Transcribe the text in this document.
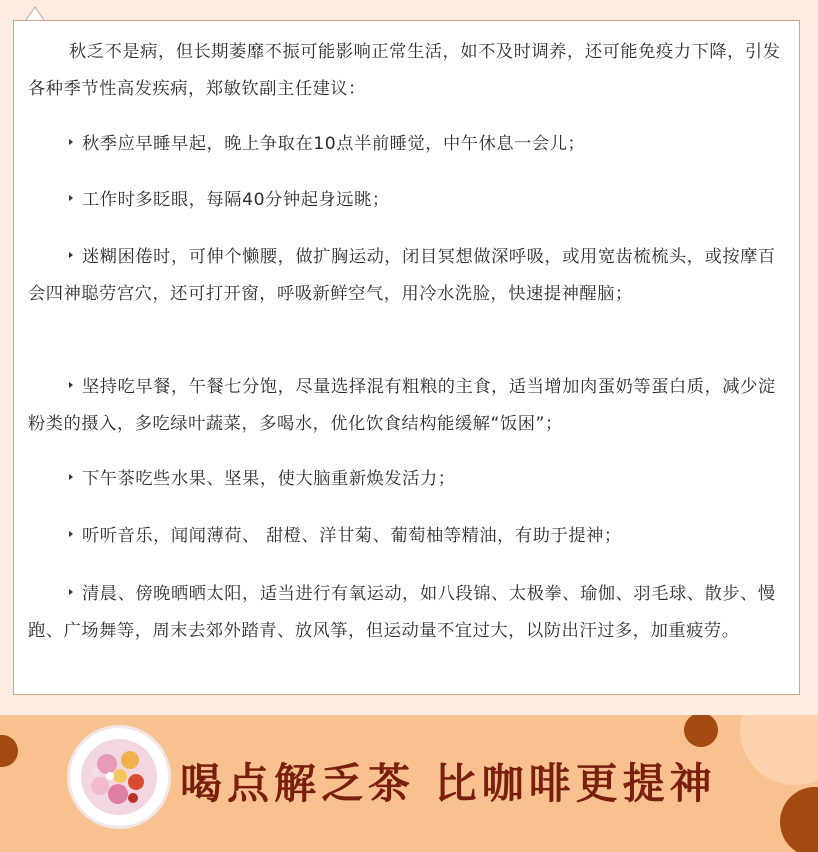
秋乏不是病，但长期萎靡不振可能影响正常生活，如不及时调养，还可能免疫力下降，引发各种季节性高发疾病，郑敏钦副主任建议：

秋季应早睡早起，晚上争取在10点半前睡觉，中午休息一会儿；

工作时多眨眼，每隔40分钟起身远眺；

迷糊困倦时，可伸个懒腰，做扩胸运动，闭目冥想做深呼吸，或用宽齿梳梳头，或按摩百会四神聪劳宫穴，还可打开窗，呼吸新鲜空气，用冷水洗脸，快速提神醒脑；

坚持吃早餐，午餐七分饱，尽量选择混有粗粮的主食，适当增加肉蛋奶等蛋白质，减少淀粉类的摄入，多吃绿叶蔬菜，多喝水，优化饮食结构能缓解“饭困”；

下午茶吃些水果、坚果，使大脑重新焕发活力；

听听音乐，闻闻薄荷、 甜橙、洋甘菊、葡萄柚等精油，有助于提神；

清晨、傍晚晒晒太阳，适当进行有氧运动，如八段锦、太极拳、瑜伽、羽毛球、散步、慢跑、广场舞等，周末去郊外踏青、放风筝，但运动量不宜过大，以防出汗过多，加重疲劳。

喝点解乏茶 比咖啡更提神
